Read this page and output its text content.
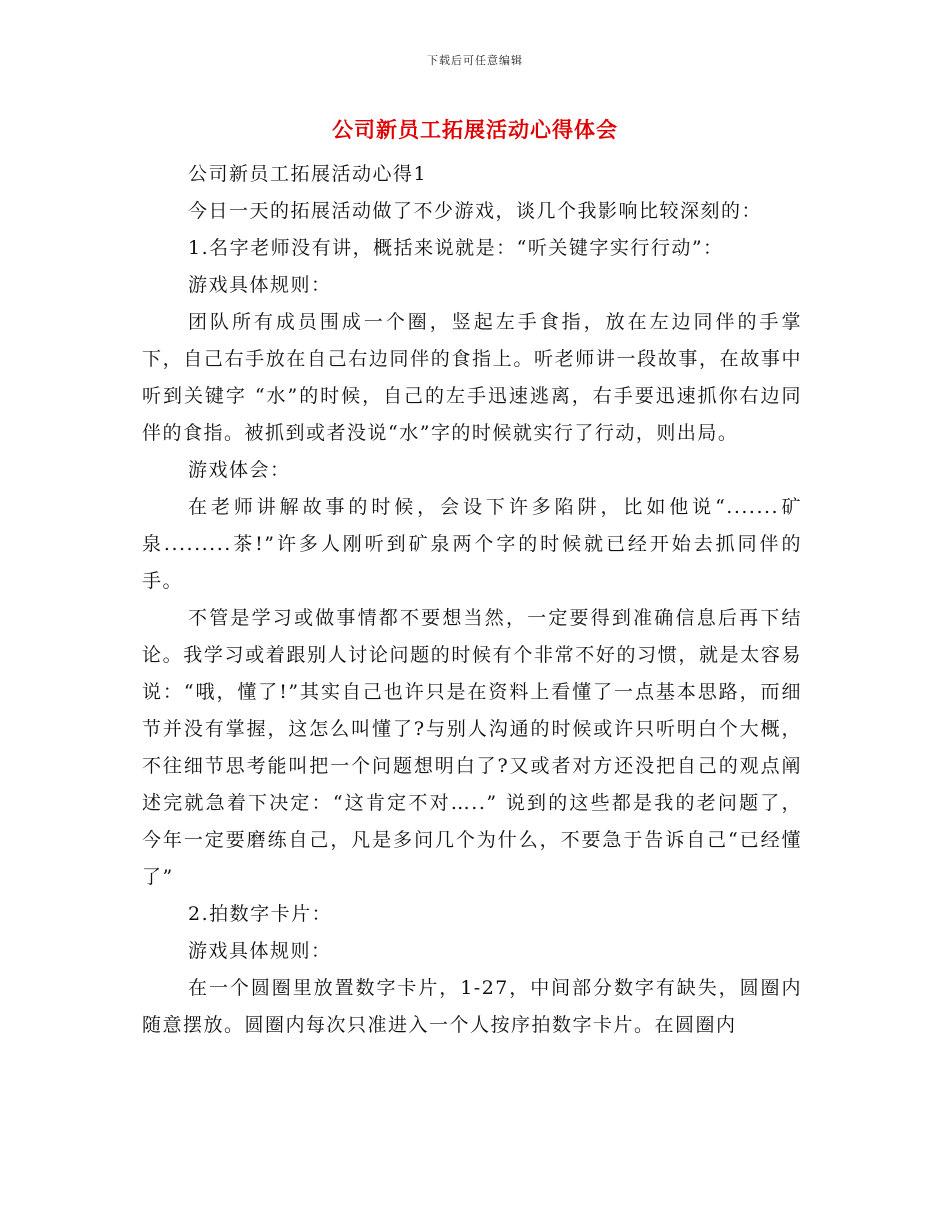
下载后可任意编辑
公司新员工拓展活动心得体会

公司新员工拓展活动心得1

今日一天的拓展活动做了不少游戏，谈几个我影响比较深刻的：

1.名字老师没有讲，概括来说就是：“听关键字实行行动”：

游戏具体规则：

团队所有成员围成一个圈，竖起左手食指，放在左边同伴的手掌下，自己右手放在自己右边同伴的食指上。听老师讲一段故事，在故事中听到关键字 “水”的时候，自己的左手迅速逃离，右手要迅速抓你右边同伴的食指。被抓到或者没说“水”字的时候就实行了行动，则出局。

游戏体会：

在老师讲解故事的时候，会设下许多陷阱，比如他说“.......矿泉.........茶!”许多人刚听到矿泉两个字的时候就已经开始去抓同伴的手。

不管是学习或做事情都不要想当然，一定要得到准确信息后再下结论。我学习或着跟别人讨论问题的时候有个非常不好的习惯，就是太容易说：“哦，懂了!”其实自己也许只是在资料上看懂了一点基本思路，而细节并没有掌握，这怎么叫懂了?与别人沟通的时候或许只听明白个大概，不往细节思考能叫把一个问题想明白了?又或者对方还没把自己的观点阐述完就急着下决定：“这肯定不对…..” 说到的这些都是我的老问题了，今年一定要磨练自己，凡是多问几个为什么，不要急于告诉自己“已经懂了”

2.拍数字卡片：

游戏具体规则：

在一个圆圈里放置数字卡片，1-27，中间部分数字有缺失，圆圈内随意摆放。圆圈内每次只准进入一个人按序拍数字卡片。在圆圈内
